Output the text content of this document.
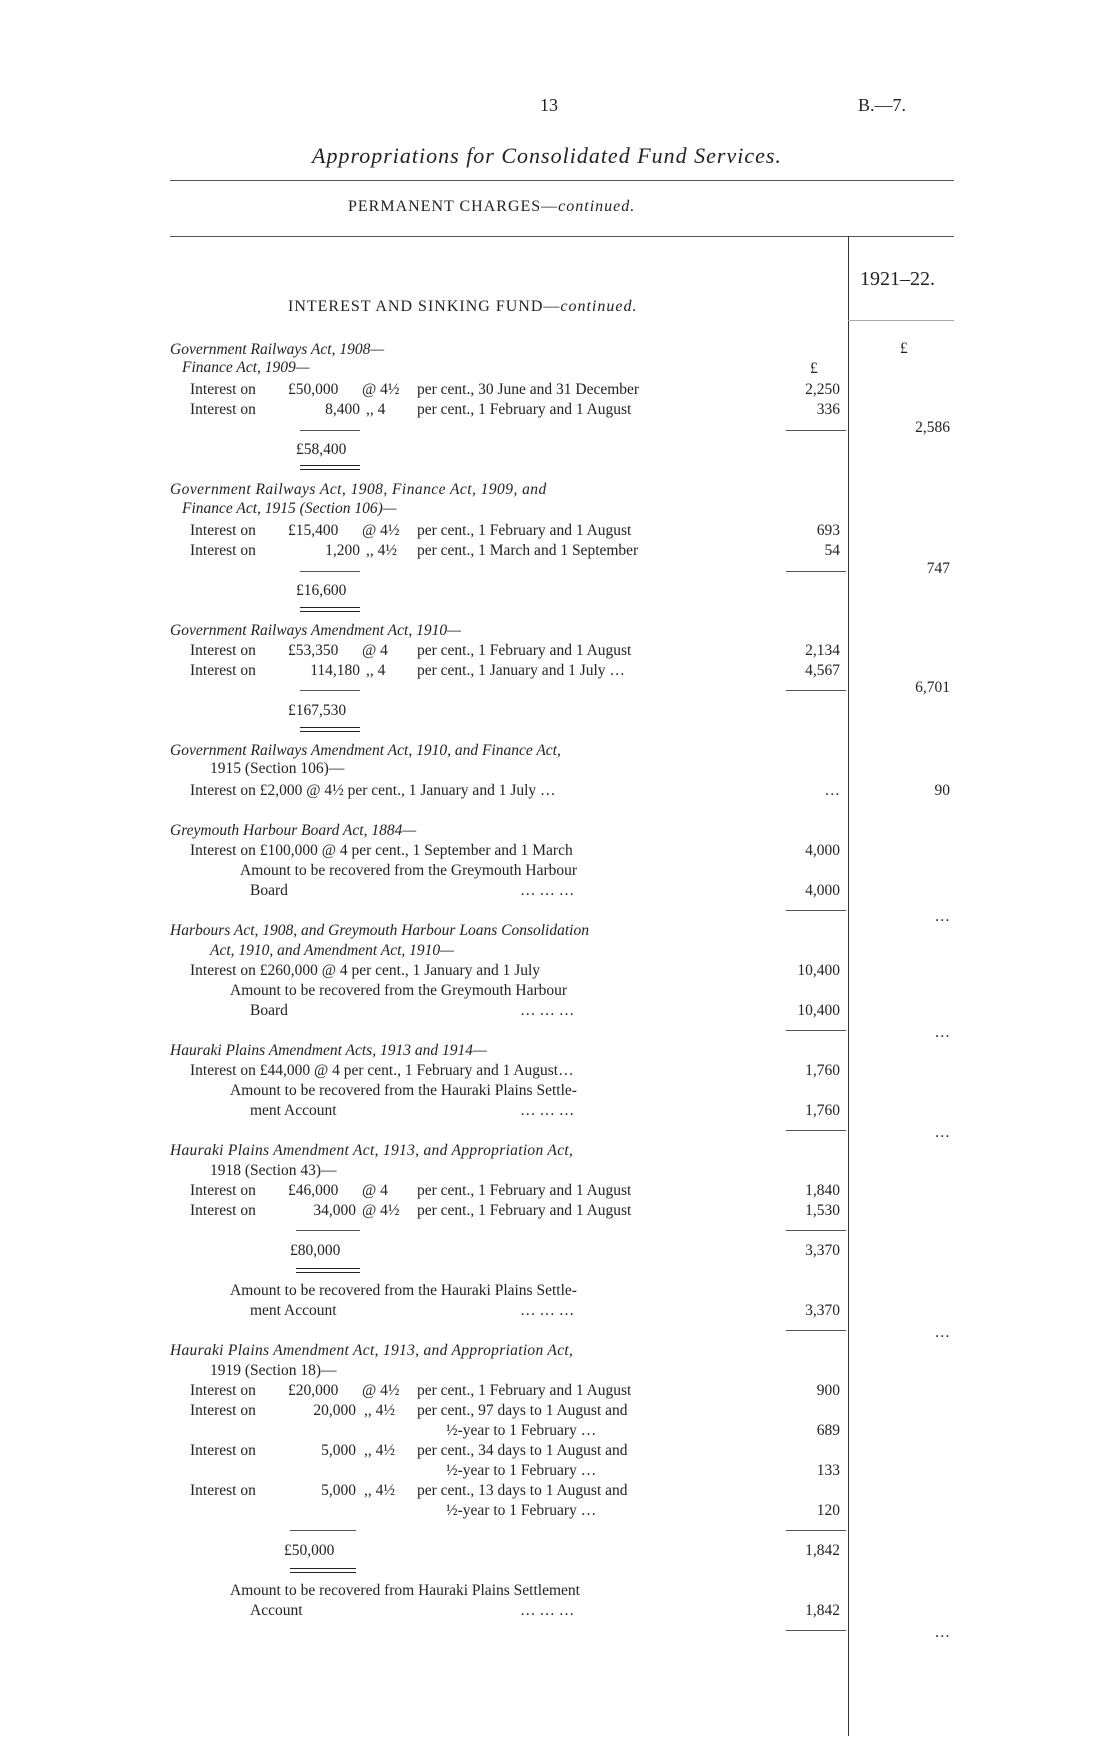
13	B.—7.
Appropriations for Consolidated Fund Services.
PERMANENT CHARGES—continued.
1921–22.
INTEREST AND SINKING FUND—continued.
£
£
Government Railways Act, 1908—
Finance Act, 1909—
Interest on £50,000 @ 4½ per cent., 30 June and 31 December	2,250
Interest on	8,400 ,, 4 per cent., 1 February and 1 August	336
2,586
£58,400
Government Railways Act, 1908, Finance Act, 1909, and
Finance Act, 1915 (Section 106)—
Interest on £15,400 @ 4½ per cent., 1 February and 1 August	693
Interest on	1,200 ,, 4½ per cent., 1 March and 1 September	54
747
£16,600
Government Railways Amendment Act, 1910—
Interest on £53,350 @ 4 per cent., 1 February and 1 August	2,134
Interest on	114,180 ,, 4 per cent., 1 January and 1 July …	4,567
6,701
£167,530
Government Railways Amendment Act, 1910, and Finance Act,
1915 (Section 106)—
Interest on £2,000 @ 4½ per cent., 1 January and 1 July …	…	90
Greymouth Harbour Board Act, 1884—
Interest on £100,000 @ 4 per cent., 1 September and 1 March	4,000
Amount to be recovered from the Greymouth Harbour
Board	… … …	4,000
…
Harbours Act, 1908, and Greymouth Harbour Loans Consolidation
Act, 1910, and Amendment Act, 1910—
Interest on £260,000 @ 4 per cent., 1 January and 1 July	10,400
Amount to be recovered from the Greymouth Harbour
Board	… … …	10,400
…
Hauraki Plains Amendment Acts, 1913 and 1914—
Interest on £44,000 @ 4 per cent., 1 February and 1 August…	1,760
Amount to be recovered from the Hauraki Plains Settle-
ment Account	… … …	1,760
…
Hauraki Plains Amendment Act, 1913, and Appropriation Act,
1918 (Section 43)—
Interest on £46,000 @ 4 per cent., 1 February and 1 August	1,840
Interest on	34,000 @ 4½ per cent., 1 February and 1 August	1,530
£80,000	3,370
Amount to be recovered from the Hauraki Plains Settle-
ment Account	… … …	3,370
…
Hauraki Plains Amendment Act, 1913, and Appropriation Act,
1919 (Section 18)—
Interest on £20,000 @ 4½ per cent., 1 February and 1 August	900
Interest on	20,000 ,, 4½ per cent., 97 days to 1 August and
½-year to 1 February …	689
Interest on	5,000 ,, 4½ per cent., 34 days to 1 August and
½-year to 1 February …	133
Interest on	5,000 ,, 4½ per cent., 13 days to 1 August and
½-year to 1 February …	120
£50,000	1,842
Amount to be recovered from Hauraki Plains Settlement
Account	… … …	1,842
…
